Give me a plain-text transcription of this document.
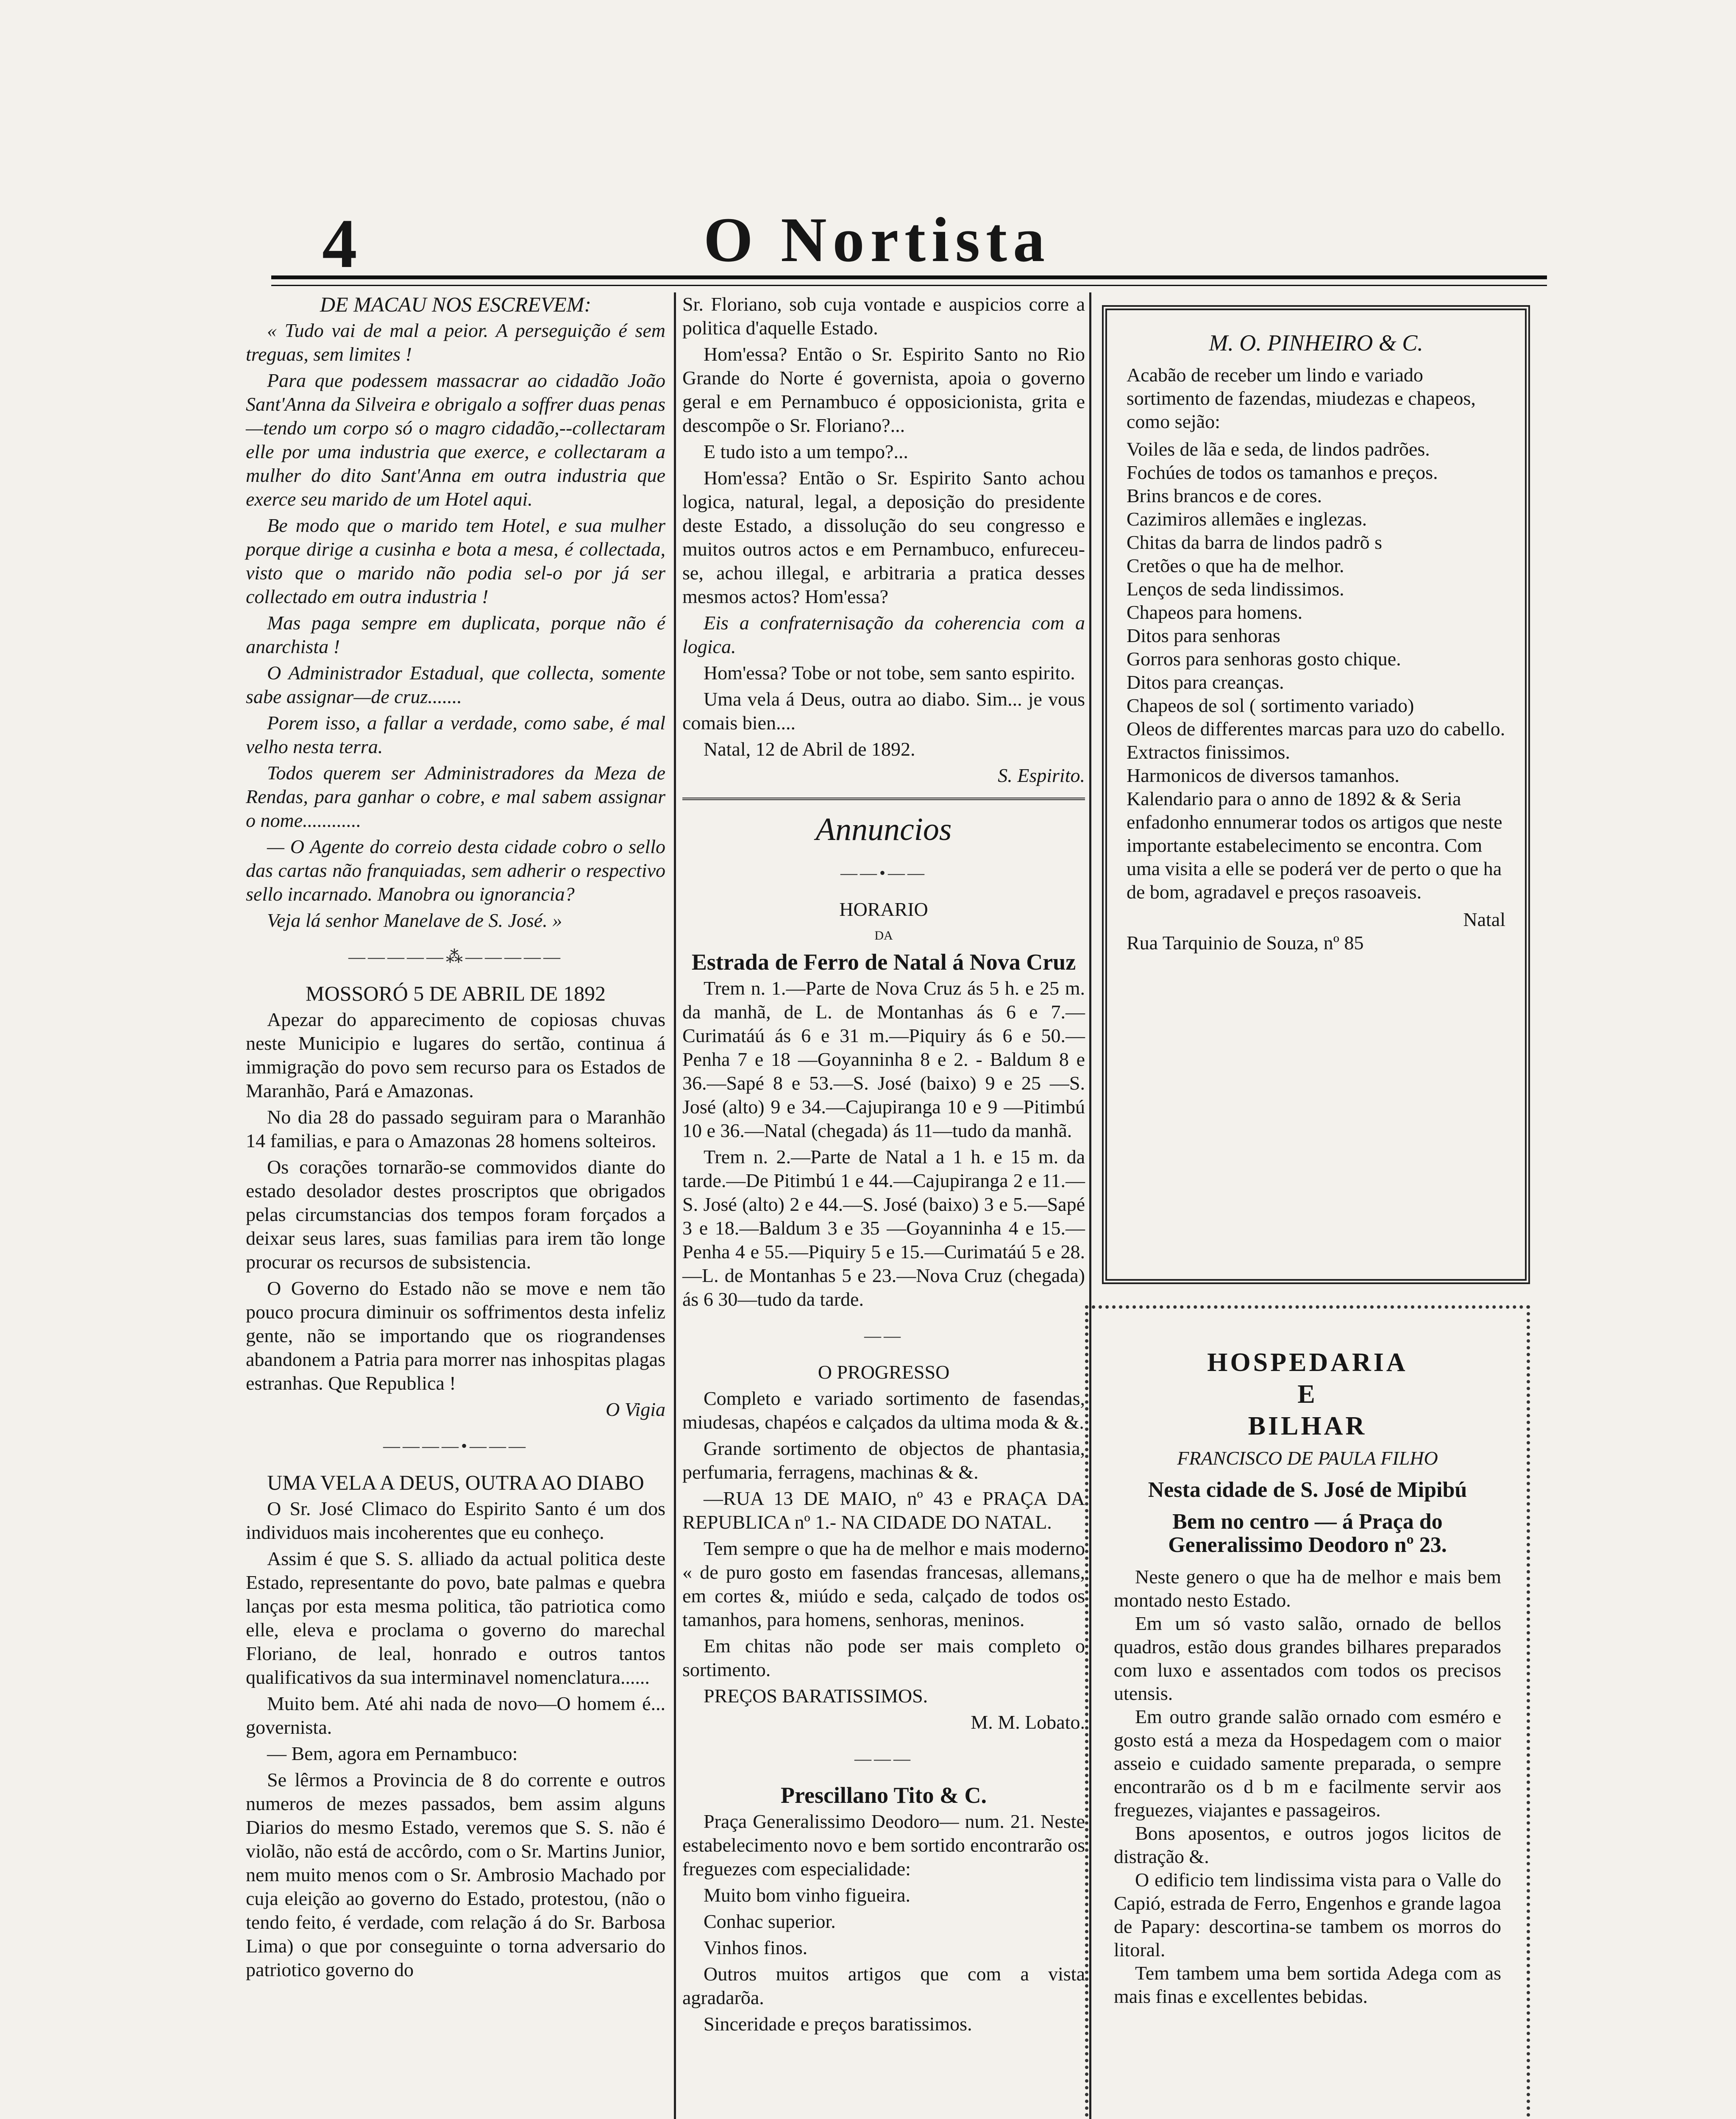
4	O Nortista

DE MACAU NOS ESCREVEM:

« Tudo vai de mal a peior. A perseguição é sem treguas, sem limites !

Para que podessem massacrar ao cidadão João Sant'Anna da Silveira e obrigalo a soffrer duas penas—tendo um corpo só o magro cidadão,--collectaram elle por uma industria que exerce, e collectaram a mulher do dito Sant'Anna em outra industria que exerce seu marido de um Hotel aqui.

Be modo que o marido tem Hotel, e sua mulher porque dirige a cusinha e bota a mesa, é collectada, visto que o marido não podia sel-o por já ser collectado em outra industria !

Mas paga sempre em duplicata, porque não é anarchista !

O Administrador Estadual, que collecta, somente sabe assignar—de cruz.......

Porem isso, a fallar a verdade, como sabe, é mal velho nesta terra.

Todos querem ser Administradores da Meza de Rendas, para ganhar o cobre, e mal sabem assignar o nome............

— O Agente do correio desta cidade cobro o sello das cartas não franquiadas, sem adherir o respectivo sello incarnado. Manobra ou ignorancia?

Veja lá senhor Manelave de S. José. »

—————⁂—————

MOSSORÓ 5 DE ABRIL DE 1892

Apezar do apparecimento de copiosas chuvas neste Municipio e lugares do sertão, continua á immigração do povo sem recurso para os Estados de Maranhão, Pará e Amazonas.

No dia 28 do passado seguiram para o Maranhão 14 familias, e para o Amazonas 28 homens solteiros.

Os corações tornarão-se commovidos diante do estado desolador destes proscriptos que obrigados pelas circumstancias dos tempos foram forçados a deixar seus lares, suas familias para irem tão longe procurar os recursos de subsistencia.

O Governo do Estado não se move e nem tão pouco procura diminuir os soffrimentos desta infeliz gente, não se importando que os riograndenses abandonem a Patria para morrer nas inhospitas plagas estranhas. Que Republica !

O Vigia

————•———

UMA VELA A DEUS, OUTRA AO DIABO

O Sr. José Climaco do Espirito Santo é um dos individuos mais incoherentes que eu conheço.

Assim é que S. S. alliado da actual politica deste Estado, representante do povo, bate palmas e quebra lanças por esta mesma politica, tão patriotica como elle, eleva e proclama o governo do marechal Floriano, de leal, honrado e outros tantos qualificativos da sua interminavel nomenclatura......

Muito bem. Até ahi nada de novo—O homem é... governista.

— Bem, agora em Pernambuco:

Se lêrmos a Provincia de 8 do corrente e outros numeros de mezes passados, bem assim alguns Diarios do mesmo Estado, veremos que S. S. não é violão, não está de accôrdo, com o Sr. Martins Junior, nem muito menos com o Sr. Ambrosio Machado por cuja eleição ao governo do Estado, protestou, (não o tendo feito, é verdade, com relação á do Sr. Barbosa Lima) o que por conseguinte o torna adversario do patriotico governo do

Sr. Floriano, sob cuja vontade e auspicios corre a politica d'aquelle Estado.

Hom'essa? Então o Sr. Espirito Santo no Rio Grande do Norte é governista, apoia o governo geral e em Pernambuco é opposicionista, grita e descompõe o Sr. Floriano?...

E tudo isto a um tempo?...

Hom'essa? Então o Sr. Espirito Santo achou logica, natural, legal, a deposição do presidente deste Estado, a dissolução do seu congresso e muitos outros actos e em Pernambuco, enfureceu-se, achou illegal, e arbitraria a pratica desses mesmos actos? Hom'essa?

Eis a confraternisação da coherencia com a logica.

Hom'essa? Tobe or not tobe, sem santo espirito.

Uma vela á Deus, outra ao diabo. Sim... je vous comais bien....

Natal, 12 de Abril de 1892.

S. Espirito.

Annuncios

——•——

HORARIO

DA

Estrada de Ferro de Natal á Nova Cruz

Trem n. 1.—Parte de Nova Cruz ás 5 h. e 25 m. da manhã, de L. de Montanhas ás 6 e 7.—Curimatáú ás 6 e 31 m.—Piquiry ás 6 e 50.— Penha 7 e 18 —Goyanninha 8 e 2. - Baldum 8 e 36.—Sapé 8 e 53.—S. José (baixo) 9 e 25 —S. José (alto) 9 e 34.—Cajupiranga 10 e 9 —Pitimbú 10 e 36.—Natal (chegada) ás 11—tudo da manhã.

Trem n. 2.—Parte de Natal a 1 h. e 15 m. da tarde.—De Pitimbú 1 e 44.—Cajupiranga 2 e 11.—S. José (alto) 2 e 44.—S. José (baixo) 3 e 5.—Sapé 3 e 18.—Baldum 3 e 35 —Goyanninha 4 e 15.—Penha 4 e 55.—Piquiry 5 e 15.—Curimatáú 5 e 28.—L. de Montanhas 5 e 23.—Nova Cruz (chegada) ás 6 30—tudo da tarde.

——

O PROGRESSO

Completo e variado sortimento de fasendas, miudesas, chapéos e calçados da ultima moda & &.

Grande sortimento de objectos de phantasia, perfumaria, ferragens, machinas & &.

—RUA 13 DE MAIO, nº 43 e PRAÇA DA REPUBLICA nº 1.- NA CIDADE DO NATAL.

Tem sempre o que ha de melhor e mais moderno « de puro gosto em fasendas francesas, allemans, em cortes &, miúdo e seda, calçado de todos os tamanhos, para homens, senhoras, meninos.

Em chitas não pode ser mais completo o sortimento.

PREÇOS BARATISSIMOS.

M. M. Lobato.

———

Prescillano Tito & C.

Praça Generalissimo Deodoro— num. 21. Neste estabelecimento novo e bem sortido encontrarão os freguezes com especialidade:

Muito bom vinho figueira.

Conhac superior.

Vinhos finos.

Outros muitos artigos que com a vista agradarõa.

Sinceridade e preços baratissimos.

M. O. PINHEIRO & C.

Acabão de receber um lindo e variado sortimento de fazendas, miudezas e chapeos, como sejão:

Voiles de lãa e seda, de lindos padrões.

Fochúes de todos os tamanhos e preços.

Brins brancos e de cores.

Cazimiros allemães e inglezas.

Chitas da barra de lindos padrõ s

Cretões o que ha de melhor.

Lenços de seda lindissimos.

Chapeos para homens.

Ditos para senhoras

Gorros para senhoras gosto chique.

Ditos para creanças.

Chapeos de sol ( sortimento variado)

Oleos de differentes marcas para uzo do cabello.

Extractos finissimos.

Harmonicos de diversos tamanhos.

Kalendario para o anno de 1892 & & Seria enfadonho ennumerar todos os artigos que neste importante estabelecimento se encontra. Com uma visita a elle se poderá ver de perto o que ha de bom, agradavel e preços rasoaveis.

Natal

Rua Tarquinio de Souza, nº 85

HOSPEDARIA

E

BILHAR

FRANCISCO DE PAULA FILHO

Nesta cidade de S. José de Mipibú

Bem no centro — á Praça do Generalissimo Deodoro nº 23.

Neste genero o que ha de melhor e mais bem montado nesto Estado.

Em um só vasto salão, ornado de bellos quadros, estão dous grandes bilhares preparados com luxo e assentados com todos os precisos utensis.

Em outro grande salão ornado com esméro e gosto está a meza da Hospedagem com o maior asseio e cuidado samente preparada, o sempre encontrarão os d b m e facilmente servir aos freguezes, viajantes e passageiros.

Bons aposentos, e outros jogos licitos de distração &.

O edificio tem lindissima vista para o Valle do Capió, estrada de Ferro, Engenhos e grande lagoa de Papary: descortina-se tambem os morros do litoral.

Tem tambem uma bem sortida Adega com as mais finas e excellentes bebidas.
